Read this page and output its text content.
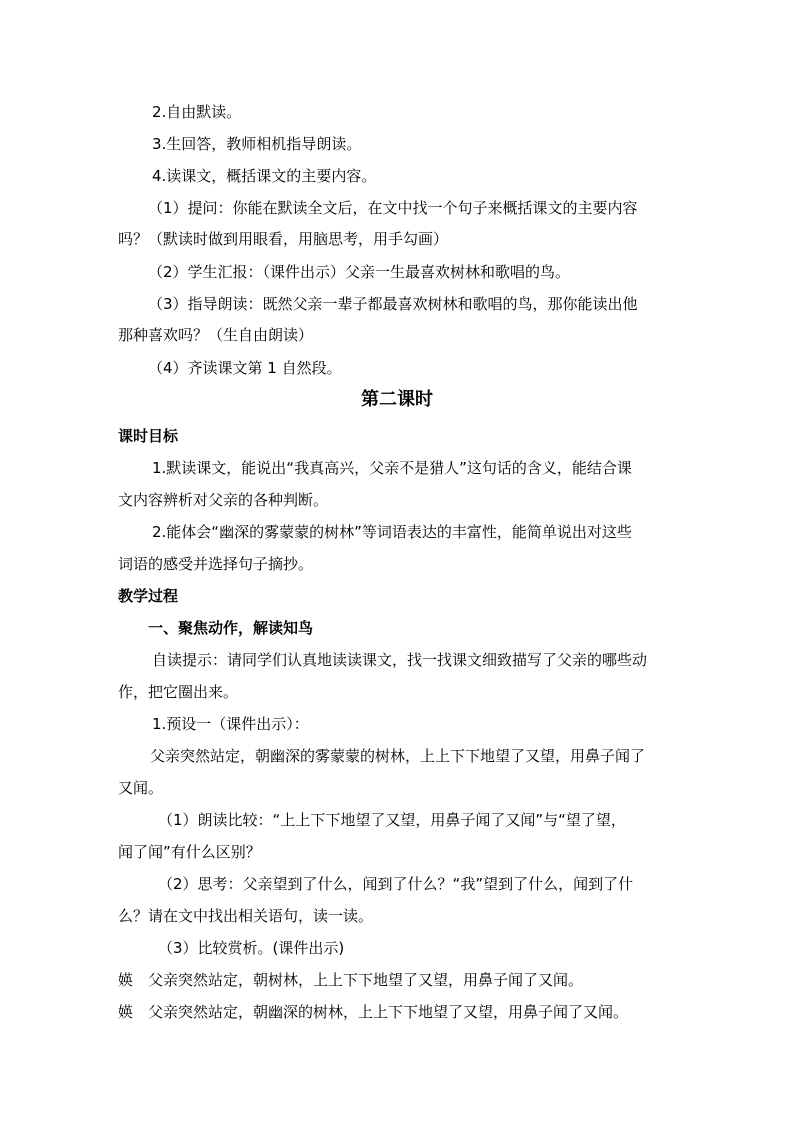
2.自由默读。
3.生回答，教师相机指导朗读。
4.读课文，概括课文的主要内容。
（1）提问：你能在默读全文后，在文中找一个句子来概括课文的主要内容
吗？（默读时做到用眼看，用脑思考，用手勾画）
（2）学生汇报：（课件出示）父亲一生最喜欢树林和歌唱的鸟。
（3）指导朗读：既然父亲一辈子都最喜欢树林和歌唱的鸟，那你能读出他
那种喜欢吗？（生自由朗读）
（4）齐读课文第 1 自然段。
第二课时
课时目标
1.默读课文，能说出“我真高兴，父亲不是猎人”这句话的含义，能结合课
文内容辨析对父亲的各种判断。
2.能体会“幽深的雾蒙蒙的树林”等词语表达的丰富性，能简单说出对这些
词语的感受并选择句子摘抄。
教学过程
一、聚焦动作，解读知鸟
自读提示：请同学们认真地读读课文，找一找课文细致描写了父亲的哪些动
作，把它圈出来。
1.预设一（课件出示）：
父亲突然站定，朝幽深的雾蒙蒙的树林，上上下下地望了又望，用鼻子闻了
又闻。
（1）朗读比较：“上上下下地望了又望，用鼻子闻了又闻”与“望了望，
闻了闻”有什么区别？
（2）思考：父亲望到了什么，闻到了什么？“我”望到了什么，闻到了什
么？请在文中找出相关语句，读一读。
（3）比较赏析。(课件出示)
媖　父亲突然站定，朝树林，上上下下地望了又望，用鼻子闻了又闻。
媖　父亲突然站定，朝幽深的树林，上上下下地望了又望，用鼻子闻了又闻。
